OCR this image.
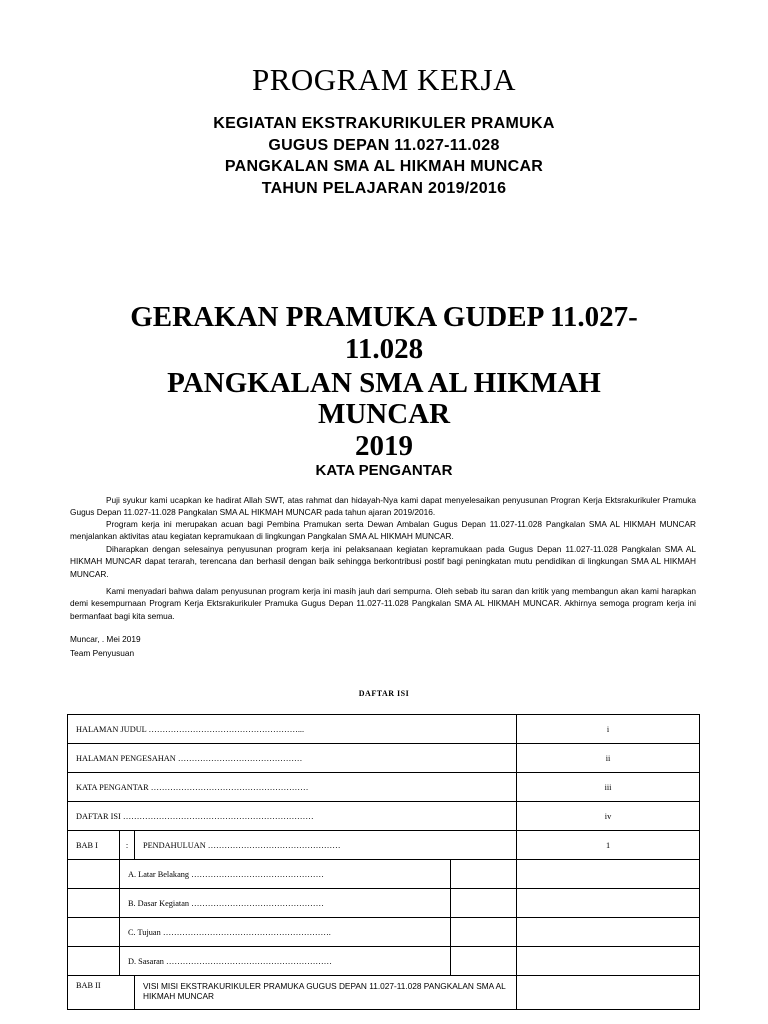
PROGRAM KERJA
KEGIATAN EKSTRAKURIKULER PRAMUKA
GUGUS DEPAN 11.027-11.028
PANGKALAN SMA AL HIKMAH MUNCAR
TAHUN PELAJARAN 2019/2016
GERAKAN PRAMUKA GUDEP 11.027-
11.028
PANGKALAN SMA AL HIKMAH
MUNCAR
2019
KATA PENGANTAR
Puji syukur kami ucapkan ke hadirat Allah SWT, atas rahmat dan hidayah-Nya kami dapat menyelesaikan penyusunan Progran Kerja Ektsrakurikuler Pramuka Gugus Depan 11.027-11.028 Pangkalan SMA AL HIKMAH MUNCAR pada tahun ajaran 2019/2016.
Program kerja ini merupakan acuan bagi Pembina Pramukan serta Dewan Ambalan Gugus Depan 11.027-11.028 Pangkalan SMA AL HIKMAH MUNCAR menjalankan aktivitas atau kegiatan kepramukaan di lingkungan Pangkalan SMA AL HIKMAH MUNCAR.
Diharapkan dengan selesainya penyusunan program kerja ini pelaksanaan kegiatan kepramukaan pada Gugus Depan 11.027-11.028 Pangkalan SMA AL HIKMAH MUNCAR dapat terarah, terencana dan berhasil dengan baik sehingga berkontribusi postif bagi peningkatan mutu pendidikan di lingkungan SMA AL HIKMAH MUNCAR.
Kami menyadari bahwa dalam penyusunan program kerja ini masih jauh dari sempurna. Oleh sebab itu saran dan kritik yang membangun akan kami harapkan demi kesempurnaan Program Kerja Ektsrakurikuler Pramuka Gugus Depan 11.027-11.028 Pangkalan SMA AL HIKMAH MUNCAR. Akhirnya semoga program kerja ini bermanfaat bagi kita semua.
Muncar, . Mei 2019
Team Penyusuan
DAFTAR ISI
HALAMAN JUDUL ………………………………………………...				i
HALAMAN PENGESAHAN ………………………………………				ii
KATA PENGANTAR …………………………………………………				iii
DAFTAR ISI ……………………………………………………………				iv
BAB I	:	PENDAHULUAN …………………………………………		1
	A. Latar Belakang …………………………………………			
	B. Dasar Kegiatan …………………………………………			
	C. Tujuan …………………………………………………….			
	D. Sasaran ……………………………………………………			
BAB II		VISI MISI EKSTRAKURIKULER PRAMUKA GUGUS DEPAN 11.027-11.028 PANGKALAN SMA AL HIKMAH MUNCAR		
